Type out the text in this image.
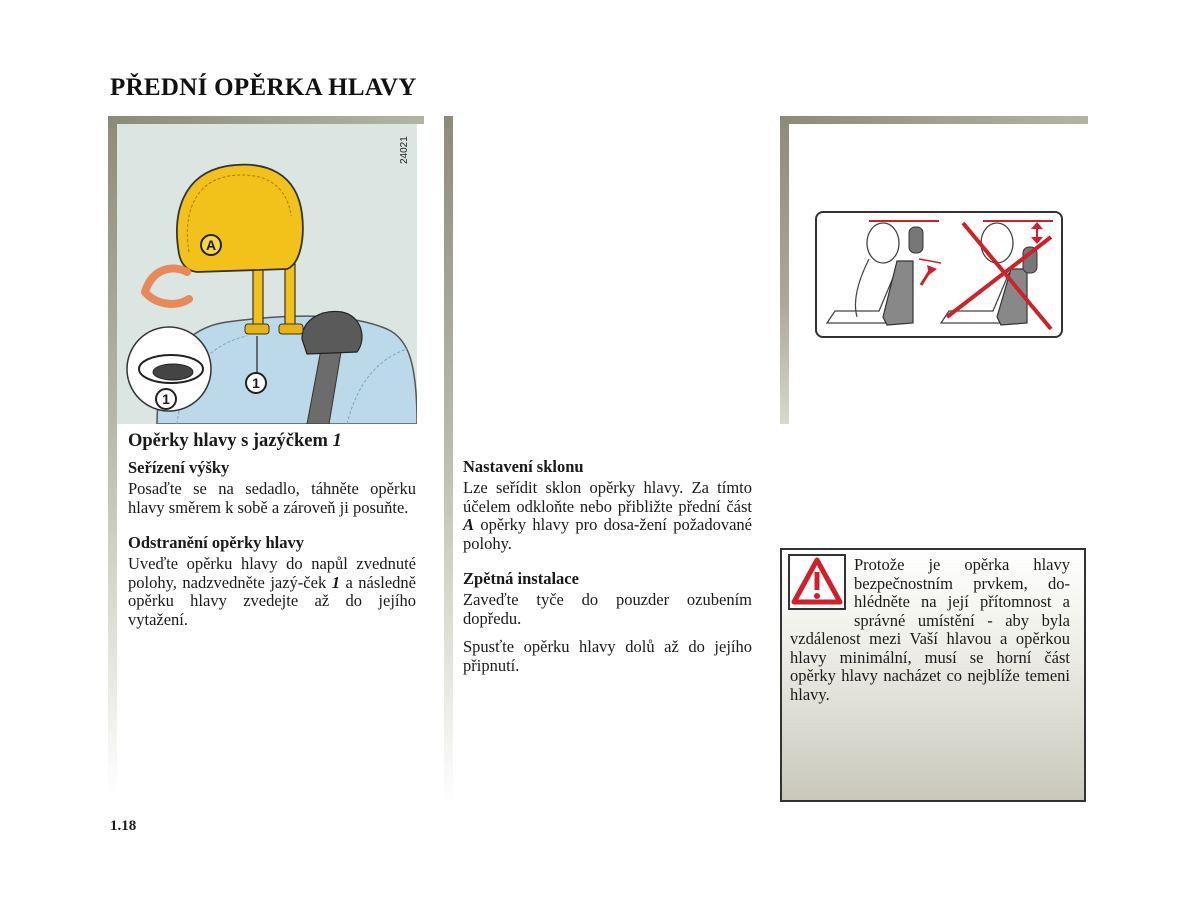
PŘEDNÍ OPĚRKA HLAVY
A
1
1
24021
Opěrky hlavy s jazýčkem 1
Seřízení výšky
Posaďte se na sedadlo, táhněte opěrku hlavy směrem k sobě a zároveň ji posuňte.
Odstranění opěrky hlavy
Uveďte opěrku hlavy do napůl zvednuté polohy, nadzvedněte jazý-ček 1 a následně opěrku hlavy zvedejte až do jejího vytažení.
Nastavení sklonu
Lze seřídit sklon opěrky hlavy. Za tímto účelem odkloňte nebo přibližte přední část A opěrky hlavy pro dosa-žení požadované polohy.
Zpětná instalace
Zaveďte tyče do pouzder ozubením dopředu.
Spusťte opěrku hlavy dolů až do jejího připnutí.
Protože je opěrka hlavy bezpečnostním prvkem, do-hlédněte na její přítomnost a správné umístění - aby byla vzdálenost mezi Vaší hlavou a opěrkou hlavy minimální, musí se horní část opěrky hlavy nacházet co nejblíže temeni hlavy.
1.18
